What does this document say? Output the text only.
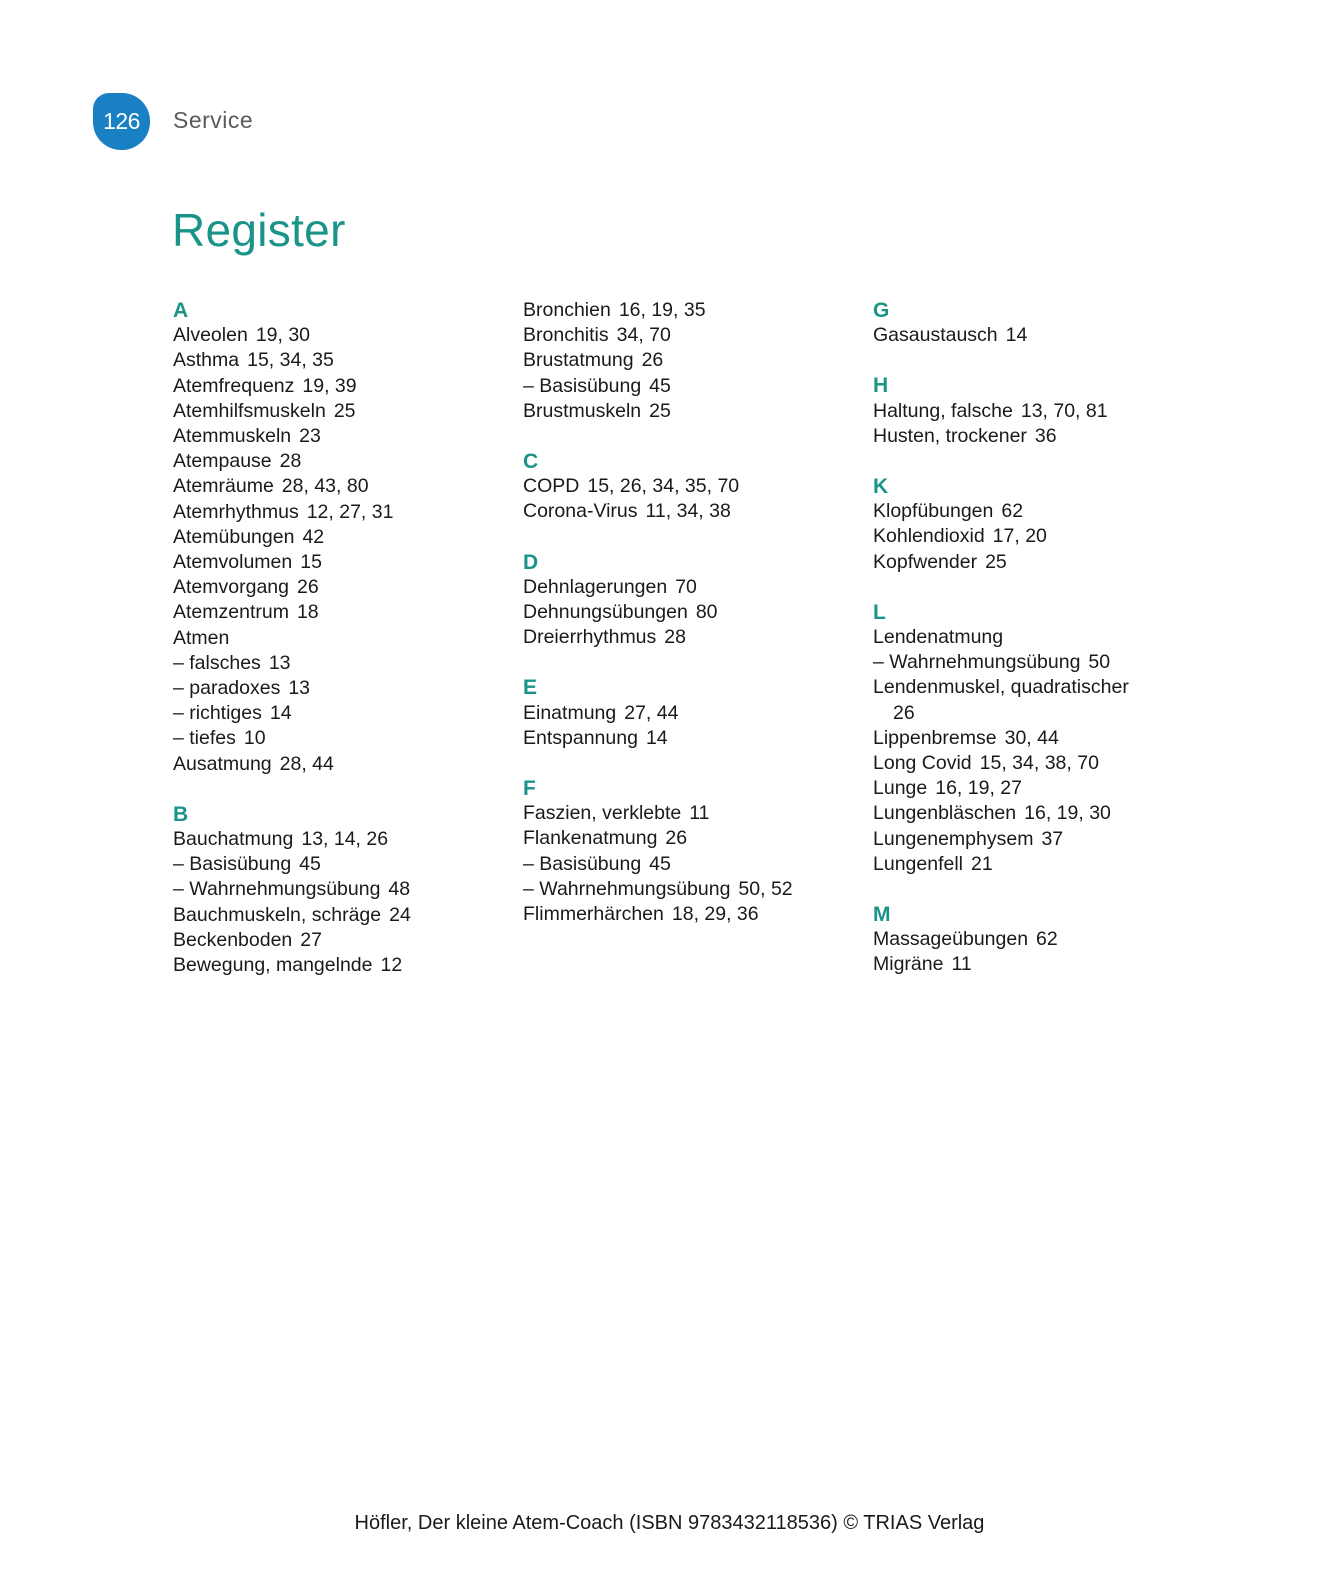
126	Service
Register
A
Alveolen 19, 30
Asthma 15, 34, 35
Atemfrequenz 19, 39
Atemhilfsmuskeln 25
Atemmuskeln 23
Atempause 28
Atemräume 28, 43, 80
Atemrhythmus 12, 27, 31
Atemübungen 42
Atemvolumen 15
Atemvorgang 26
Atemzentrum 18
Atmen
– falsches 13
– paradoxes 13
– richtiges 14
– tiefes 10
Ausatmung 28, 44
B
Bauchatmung 13, 14, 26
– Basisübung 45
– Wahrnehmungsübung 48
Bauchmuskeln, schräge 24
Beckenboden 27
Bewegung, mangelnde 12
Bronchien 16, 19, 35
Bronchitis 34, 70
Brustatmung 26
– Basisübung 45
Brustmuskeln 25
C
COPD 15, 26, 34, 35, 70
Corona-Virus 11, 34, 38
D
Dehnlagerungen 70
Dehnungsübungen 80
Dreierrhythmus 28
E
Einatmung 27, 44
Entspannung 14
F
Faszien, verklebte 11
Flankenatmung 26
– Basisübung 45
– Wahrnehmungsübung 50, 52
Flimmerhärchen 18, 29, 36
G
Gasaustausch 14
H
Haltung, falsche 13, 70, 81
Husten, trockener 36
K
Klopfübungen 62
Kohlendioxid 17, 20
Kopfwender 25
L
Lendenatmung
– Wahrnehmungsübung 50
Lendenmuskel, quadratischer
26
Lippenbremse 30, 44
Long Covid 15, 34, 38, 70
Lunge 16, 19, 27
Lungenbläschen 16, 19, 30
Lungenemphysem 37
Lungenfell 21
M
Massageübungen 62
Migräne 11
Höfler, Der kleine Atem-Coach (ISBN 9783432118536) © TRIAS Verlag
